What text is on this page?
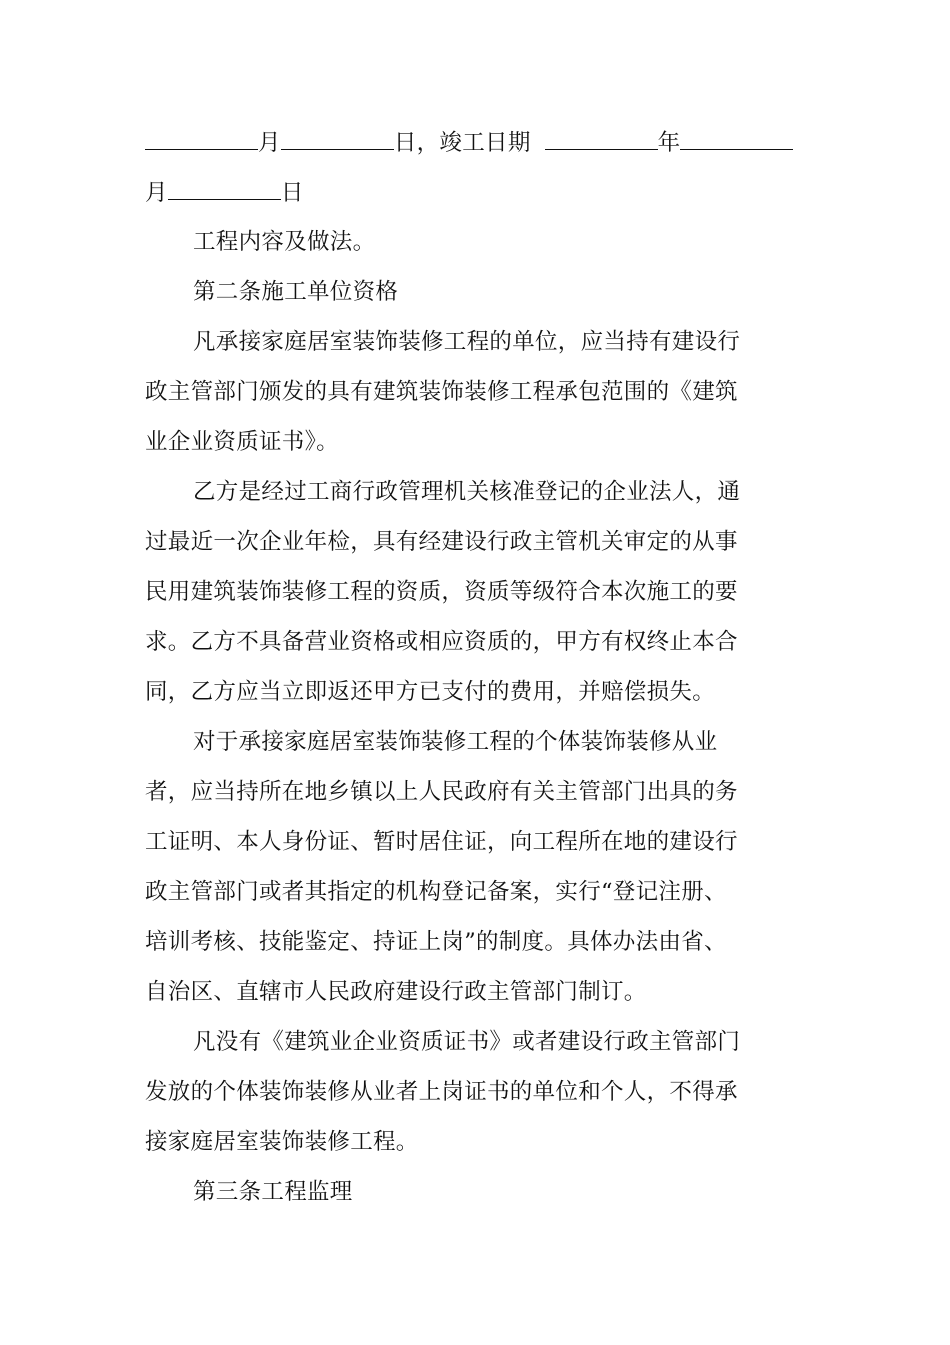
月	日，竣工日期	年
月	日
工程内容及做法。
第二条施工单位资格
凡承接家庭居室装饰装修工程的单位，应当持有建设行
政主管部门颁发的具有建筑装饰装修工程承包范围的《建筑
业企业资质证书》。
乙方是经过工商行政管理机关核准登记的企业法人，通
过最近一次企业年检，具有经建设行政主管机关审定的从事
民用建筑装饰装修工程的资质，资质等级符合本次施工的要
求。乙方不具备营业资格或相应资质的，甲方有权终止本合
同，乙方应当立即返还甲方已支付的费用，并赔偿损失。
对于承接家庭居室装饰装修工程的个体装饰装修从业
者，应当持所在地乡镇以上人民政府有关主管部门出具的务
工证明、本人身份证、暂时居住证，向工程所在地的建设行
政主管部门或者其指定的机构登记备案，实行“登记注册、
培训考核、技能鉴定、持证上岗”的制度。具体办法由省、
自治区、直辖市人民政府建设行政主管部门制订。
凡没有《建筑业企业资质证书》或者建设行政主管部门
发放的个体装饰装修从业者上岗证书的单位和个人，不得承
接家庭居室装饰装修工程。
第三条工程监理
